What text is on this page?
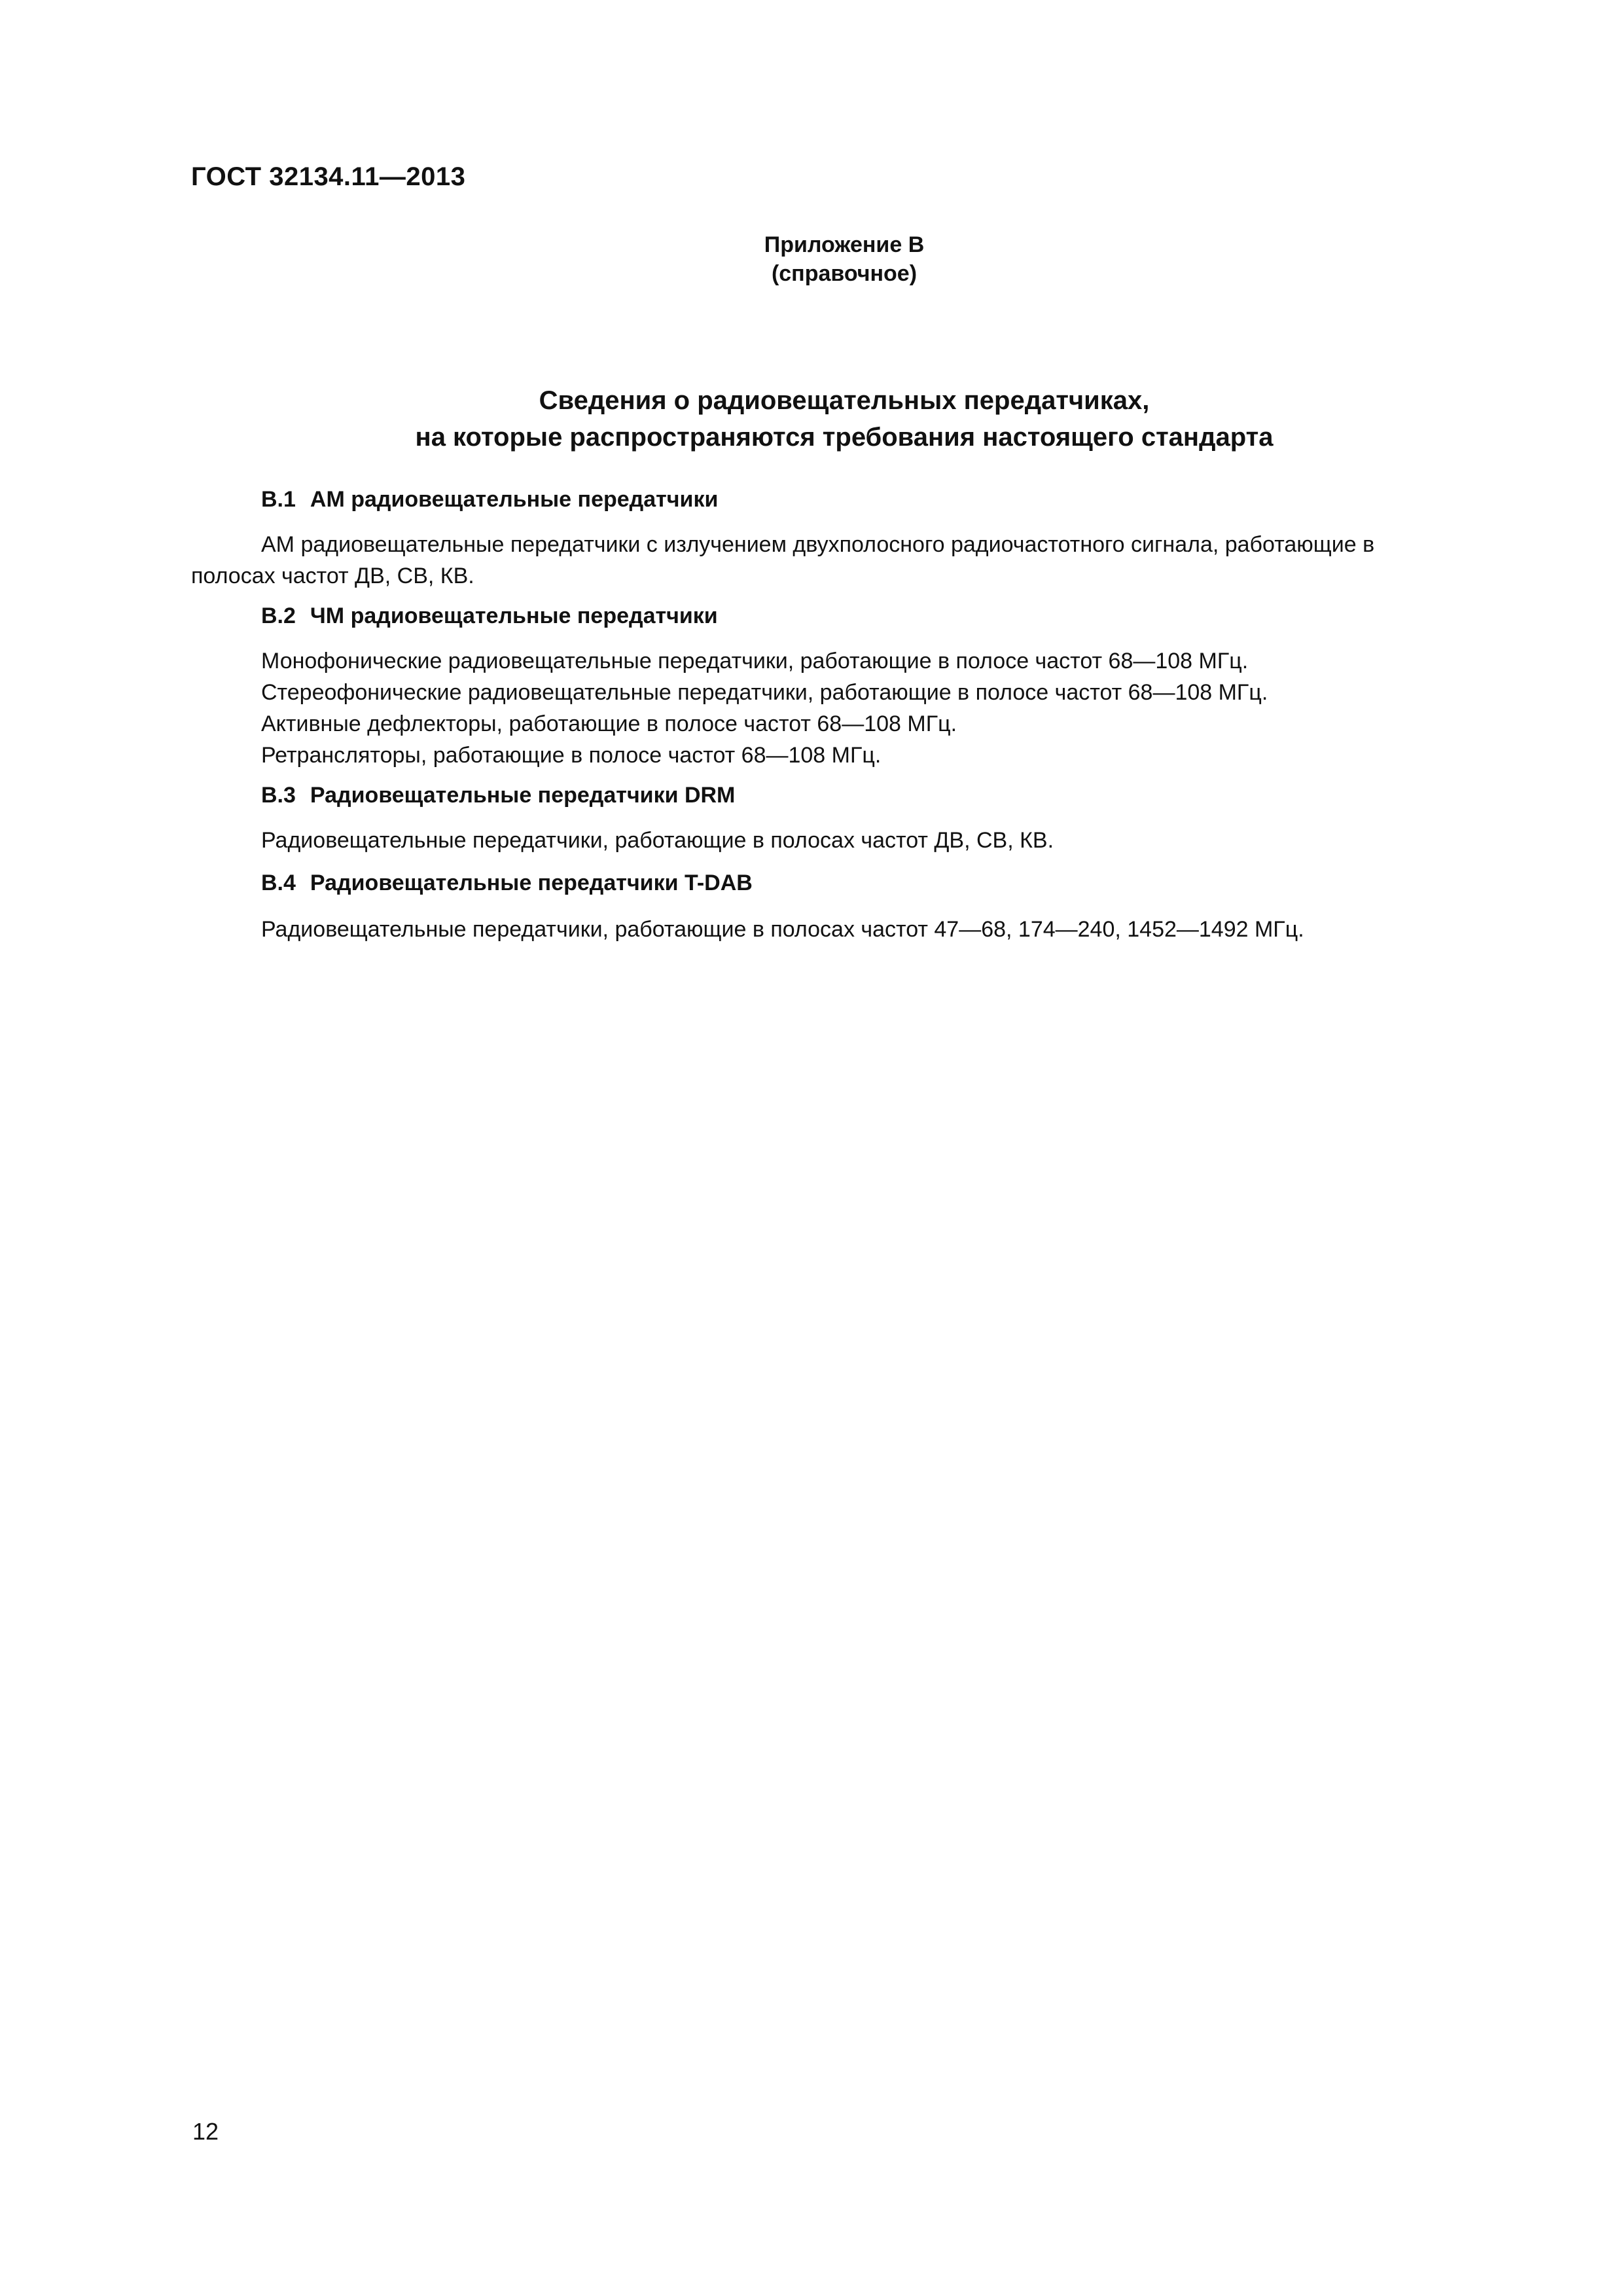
ГОСТ 32134.11—2013
Приложение В
(справочное)
Сведения о радиовещательных передатчиках,
на которые распространяются требования настоящего стандарта
В.1 АМ радиовещательные передатчики
АМ радиовещательные передатчики с излучением двухполосного радиочастотного сигнала, работающие в
полосах частот ДВ, СВ, КВ.
В.2 ЧМ радиовещательные передатчики
Монофонические радиовещательные передатчики, работающие в полосе частот 68—108 МГц.
Стереофонические радиовещательные передатчики, работающие в полосе частот 68—108 МГц.
Активные дефлекторы, работающие в полосе частот 68—108 МГц.
Ретрансляторы, работающие в полосе частот 68—108 МГц.
В.3 Радиовещательные передатчики DRM
Радиовещательные передатчики, работающие в полосах частот ДВ, СВ, КВ.
В.4 Радиовещательные передатчики T-DAB
Радиовещательные передатчики, работающие в полосах частот 47—68, 174—240, 1452—1492 МГц.
12
